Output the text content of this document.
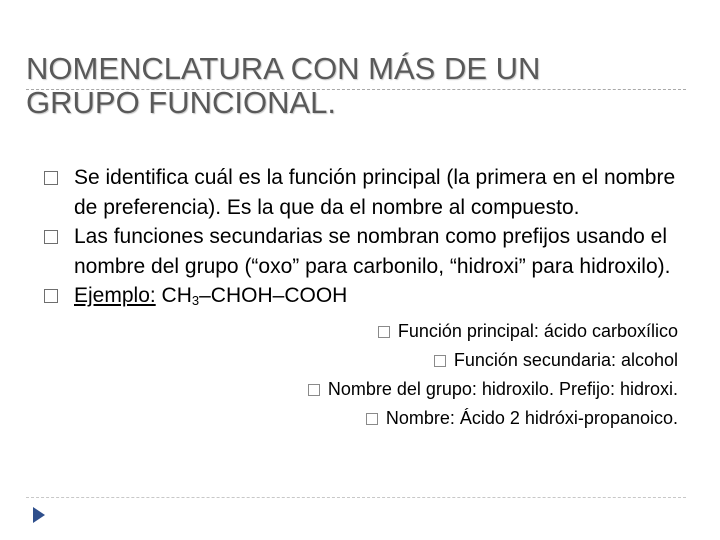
NOMENCLATURA CON MÁS DE UN
GRUPO FUNCIONAL.
Se identifica cuál es la función principal (la primera en el nombre de preferencia). Es la que da el nombre al compuesto.
Las funciones secundarias se nombran como prefijos usando el nombre del grupo (“oxo” para carbonilo, “hidroxi” para hidroxilo).
Ejemplo: $CH_3-CHOH$–COOH
Función principal: ácido carboxílico
Función secundaria: alcohol
Nombre del grupo: hidroxilo. Prefijo: hidroxi.
Nombre: Ácido 2 hidróxi-propanoico.
